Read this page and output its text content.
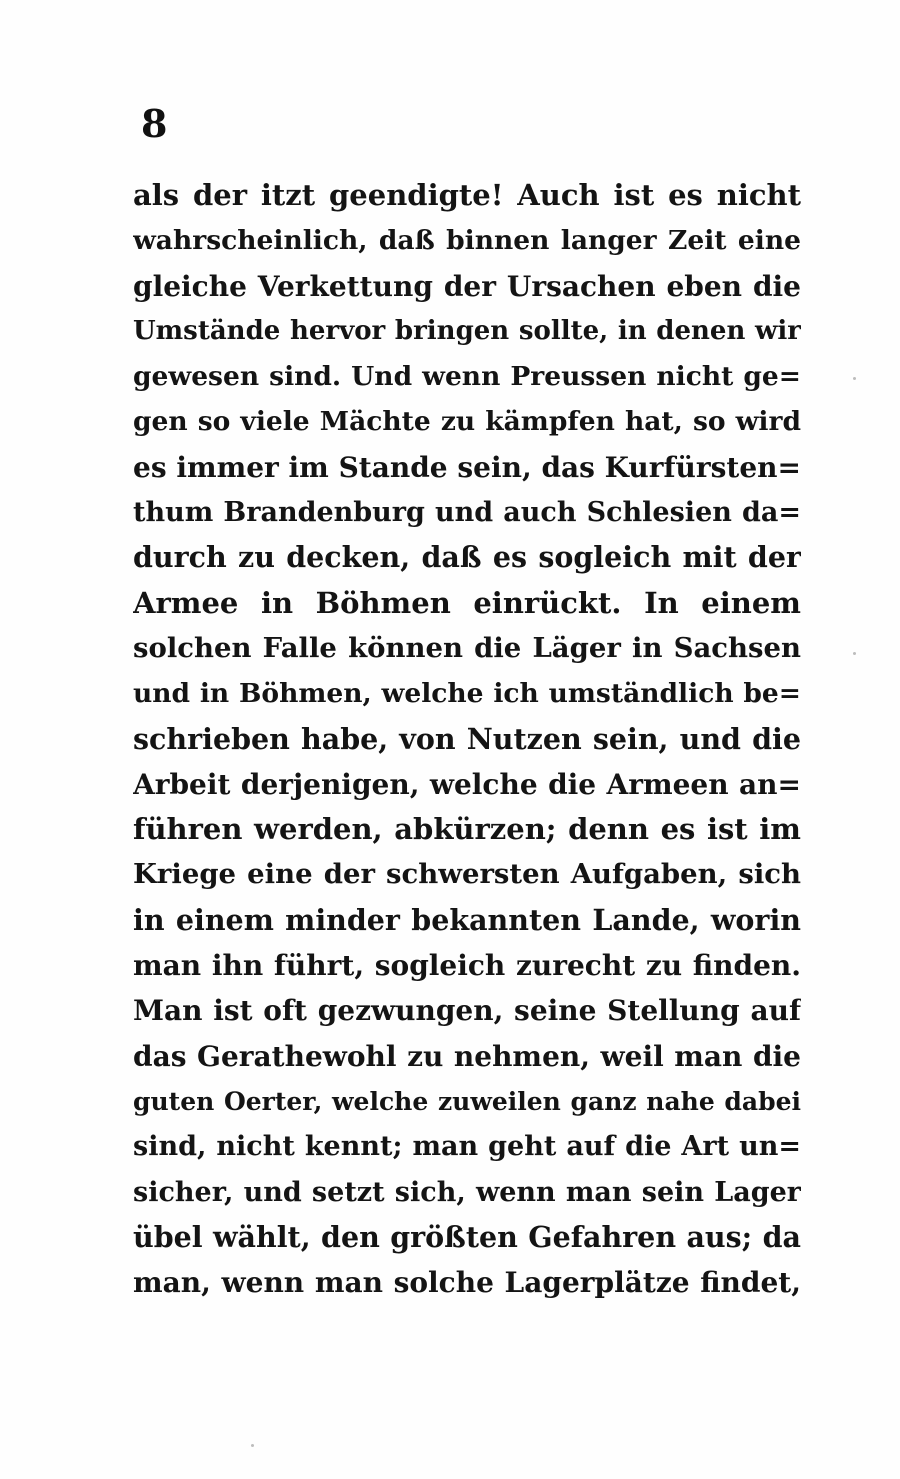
8
als der itzt geendigte! Auch ist es nicht
wahrscheinlich, daß binnen langer Zeit eine
gleiche Verkettung der Ursachen eben die
Umstände hervor bringen sollte, in denen wir
gewesen sind. Und wenn Preussen nicht ge=
gen so viele Mächte zu kämpfen hat, so wird
es immer im Stande sein, das Kurfürsten=
thum Brandenburg und auch Schlesien da=
durch zu decken, daß es sogleich mit der
Armee in Böhmen einrückt. In einem
solchen Falle können die Läger in Sachsen
und in Böhmen, welche ich umständlich be=
schrieben habe, von Nutzen sein, und die
Arbeit derjenigen, welche die Armeen an=
führen werden, abkürzen; denn es ist im
Kriege eine der schwersten Aufgaben, sich
in einem minder bekannten Lande, worin
man ihn führt, sogleich zurecht zu finden.
Man ist oft gezwungen, seine Stellung auf
das Gerathewohl zu nehmen, weil man die
guten Oerter, welche zuweilen ganz nahe dabei
sind, nicht kennt; man geht auf die Art un=
sicher, und setzt sich, wenn man sein Lager
übel wählt, den größten Gefahren aus; da
man, wenn man solche Lagerplätze findet,
